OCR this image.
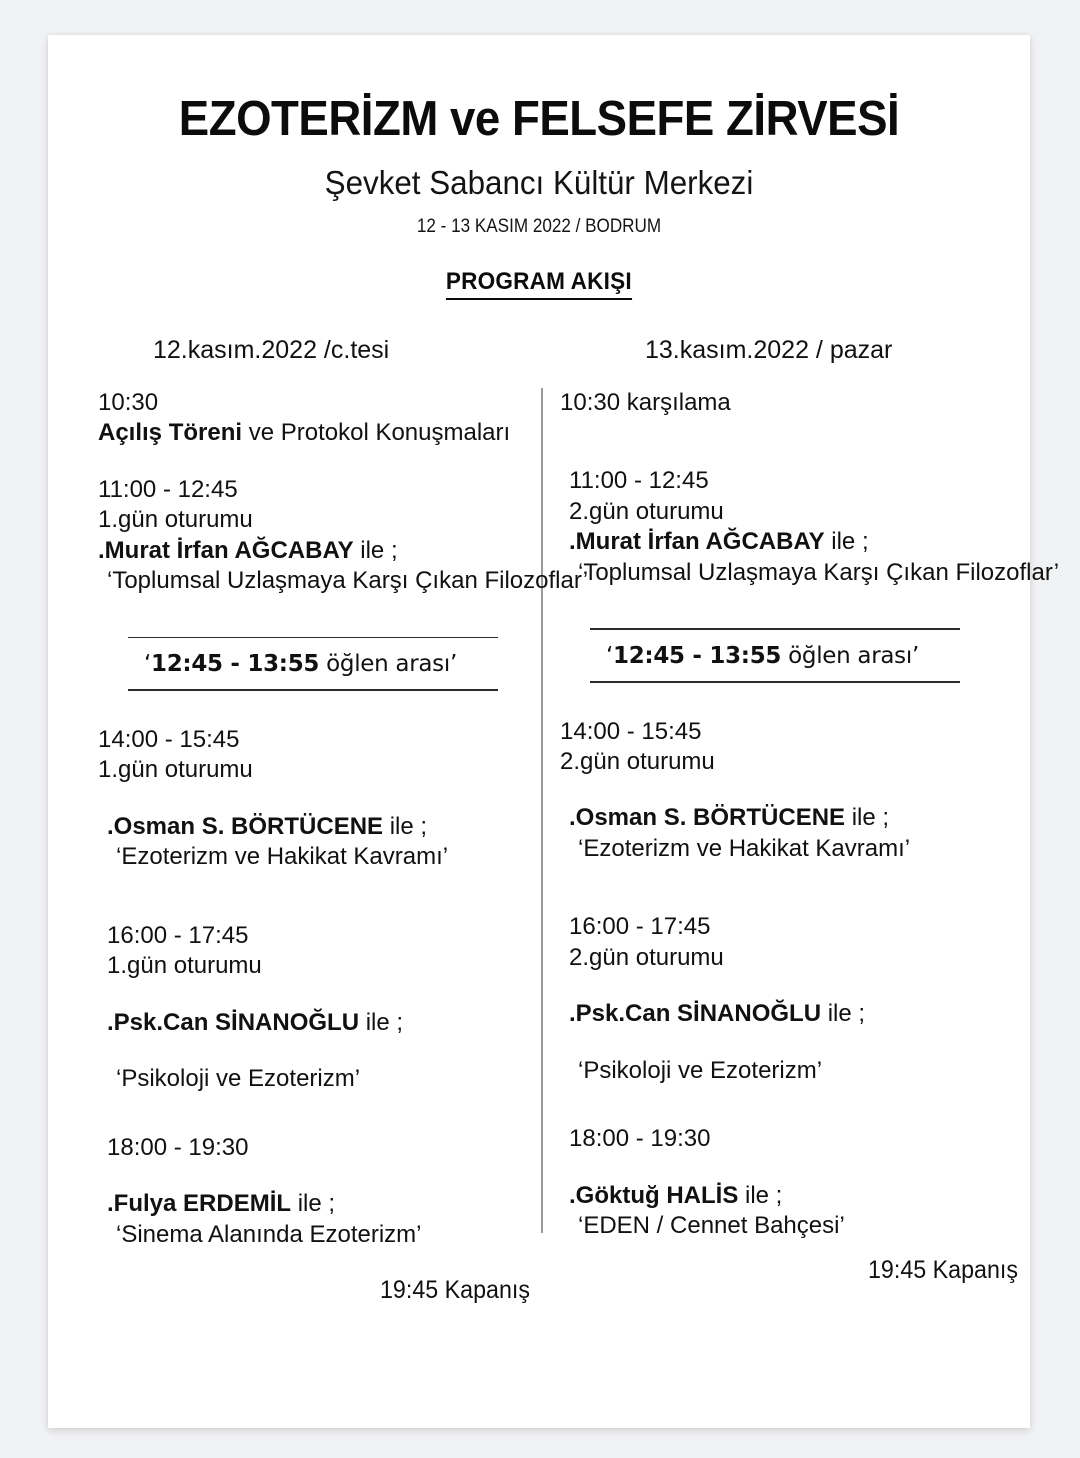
EZOTERİZM ve FELSEFE ZİRVESİ

Şevket Sabancı Kültür Merkezi

12 - 13 KASIM 2022 / BODRUM

PROGRAM AKIŞI
12.kasım.2022 /c.tesi	13.kasım.2022 / pazar
10:30
Açılış Töreni ve Protokol Konuşmaları
11:00 - 12:45
1.gün oturumu
.Murat İrfan AĞCABAY ile ;
‘Toplumsal Uzlaşmaya Karşı Çıkan Filozoflar’
‘12:45 - 13:55 öğlen arası’
14:00 - 15:45
1.gün oturumu
.Osman S. BÖRTÜCENE ile ;
‘Ezoterizm ve Hakikat Kavramı’
16:00 - 17:45
1.gün oturumu
.Psk.Can SİNANOĞLU ile ;
‘Psikoloji ve Ezoterizm’
18:00 - 19:30
.Fulya ERDEMİL ile ;
‘Sinema Alanında Ezoterizm’
10:30 karşılama
11:00 - 12:45
2.gün oturumu
.Murat İrfan AĞCABAY ile ;
‘Toplumsal Uzlaşmaya Karşı Çıkan Filozoflar’
‘12:45 - 13:55 öğlen arası’
14:00 - 15:45
2.gün oturumu
.Osman S. BÖRTÜCENE ile ;
‘Ezoterizm ve Hakikat Kavramı’
16:00 - 17:45
2.gün oturumu
.Psk.Can SİNANOĞLU ile ;
‘Psikoloji ve Ezoterizm’
18:00 - 19:30
.Göktuğ HALİS ile ;
‘EDEN / Cennet Bahçesi’
19:45 Kapanış
19:45 Kapanış
